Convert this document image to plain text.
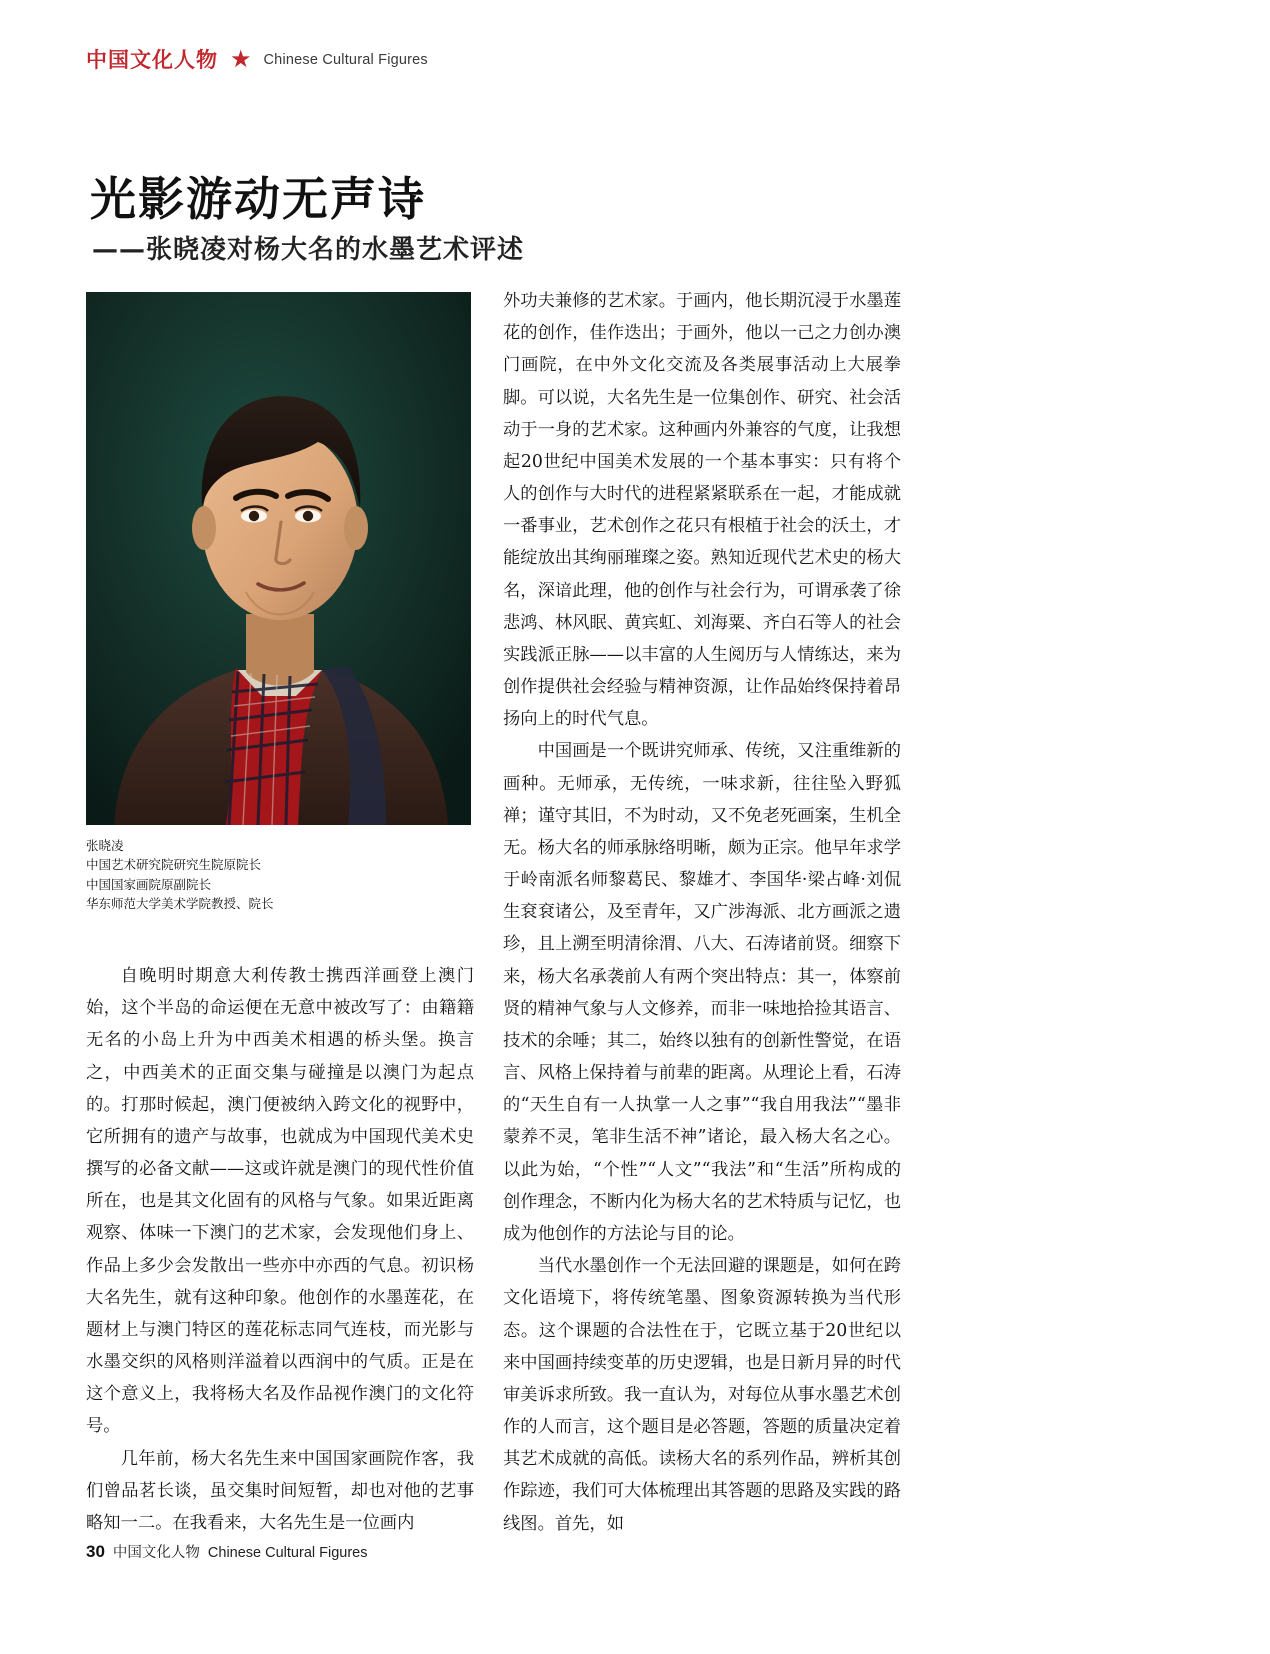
中国文化人物 ★ Chinese Cultural Figures
光影游动无声诗
——张晓凌对杨大名的水墨艺术评述
张晓凌
中国艺术研究院研究生院原院长
中国国家画院原副院长
华东师范大学美术学院教授、院长

自晚明时期意大利传教士携西洋画登上澳门始，这个半岛的命运便在无意中被改写了：由籍籍无名的小岛上升为中西美术相遇的桥头堡。换言之，中西美术的正面交集与碰撞是以澳门为起点的。打那时候起，澳门便被纳入跨文化的视野中，它所拥有的遗产与故事，也就成为中国现代美术史撰写的必备文献——这或许就是澳门的现代性价值所在，也是其文化固有的风格与气象。如果近距离观察、体味一下澳门的艺术家，会发现他们身上、作品上多少会发散出一些亦中亦西的气息。初识杨大名先生，就有这种印象。他创作的水墨莲花，在题材上与澳门特区的莲花标志同气连枝，而光影与水墨交织的风格则洋溢着以西润中的气质。正是在这个意义上，我将杨大名及作品视作澳门的文化符号。

几年前，杨大名先生来中国国家画院作客，我们曾品茗长谈，虽交集时间短暂，却也对他的艺事略知一二。在我看来，大名先生是一位画内

外功夫兼修的艺术家。于画内，他长期沉浸于水墨莲花的创作，佳作迭出；于画外，他以一己之力创办澳门画院，在中外文化交流及各类展事活动上大展拳脚。可以说，大名先生是一位集创作、研究、社会活动于一身的艺术家。这种画内外兼容的气度，让我想起20世纪中国美术发展的一个基本事实：只有将个人的创作与大时代的进程紧紧联系在一起，才能成就一番事业，艺术创作之花只有根植于社会的沃土，才能绽放出其绚丽璀璨之姿。熟知近现代艺术史的杨大名，深谙此理，他的创作与社会行为，可谓承袭了徐悲鸿、林风眠、黄宾虹、刘海粟、齐白石等人的社会实践派正脉——以丰富的人生阅历与人情练达，来为创作提供社会经验与精神资源，让作品始终保持着昂扬向上的时代气息。

中国画是一个既讲究师承、传统，又注重维新的画种。无师承，无传统，一味求新，往往坠入野狐禅；谨守其旧，不为时动，又不免老死画案，生机全无。杨大名的师承脉络明晰，颇为正宗。他早年求学于岭南派名师黎葛民、黎雄才、李国华·梁占峰·刘侃生袞袞诸公，及至青年，又广涉海派、北方画派之遗珍，且上溯至明清徐渭、八大、石涛诸前贤。细察下来，杨大名承袭前人有两个突出特点：其一，体察前贤的精神气象与人文修养，而非一味地拾捡其语言、技术的余唾；其二，始终以独有的创新性警觉，在语言、风格上保持着与前辈的距离。从理论上看，石涛的“天生自有一人执掌一人之事”“我自用我法”“墨非蒙养不灵，笔非生活不神”诸论，最入杨大名之心。以此为始，“个性”“人文”“我法”和“生活”所构成的创作理念，不断内化为杨大名的艺术特质与记忆，也成为他创作的方法论与目的论。

当代水墨创作一个无法回避的课题是，如何在跨文化语境下，将传统笔墨、图象资源转换为当代形态。这个课题的合法性在于，它既立基于20世纪以来中国画持续变革的历史逻辑，也是日新月异的时代审美诉求所致。我一直认为，对每位从事水墨艺术创作的人而言，这个题目是必答题，答题的质量决定着其艺术成就的高低。读杨大名的系列作品，辨析其创作踪迹，我们可大体梳理出其答题的思路及实践的路线图。首先，如

30 中国文化人物 Chinese Cultural Figures
